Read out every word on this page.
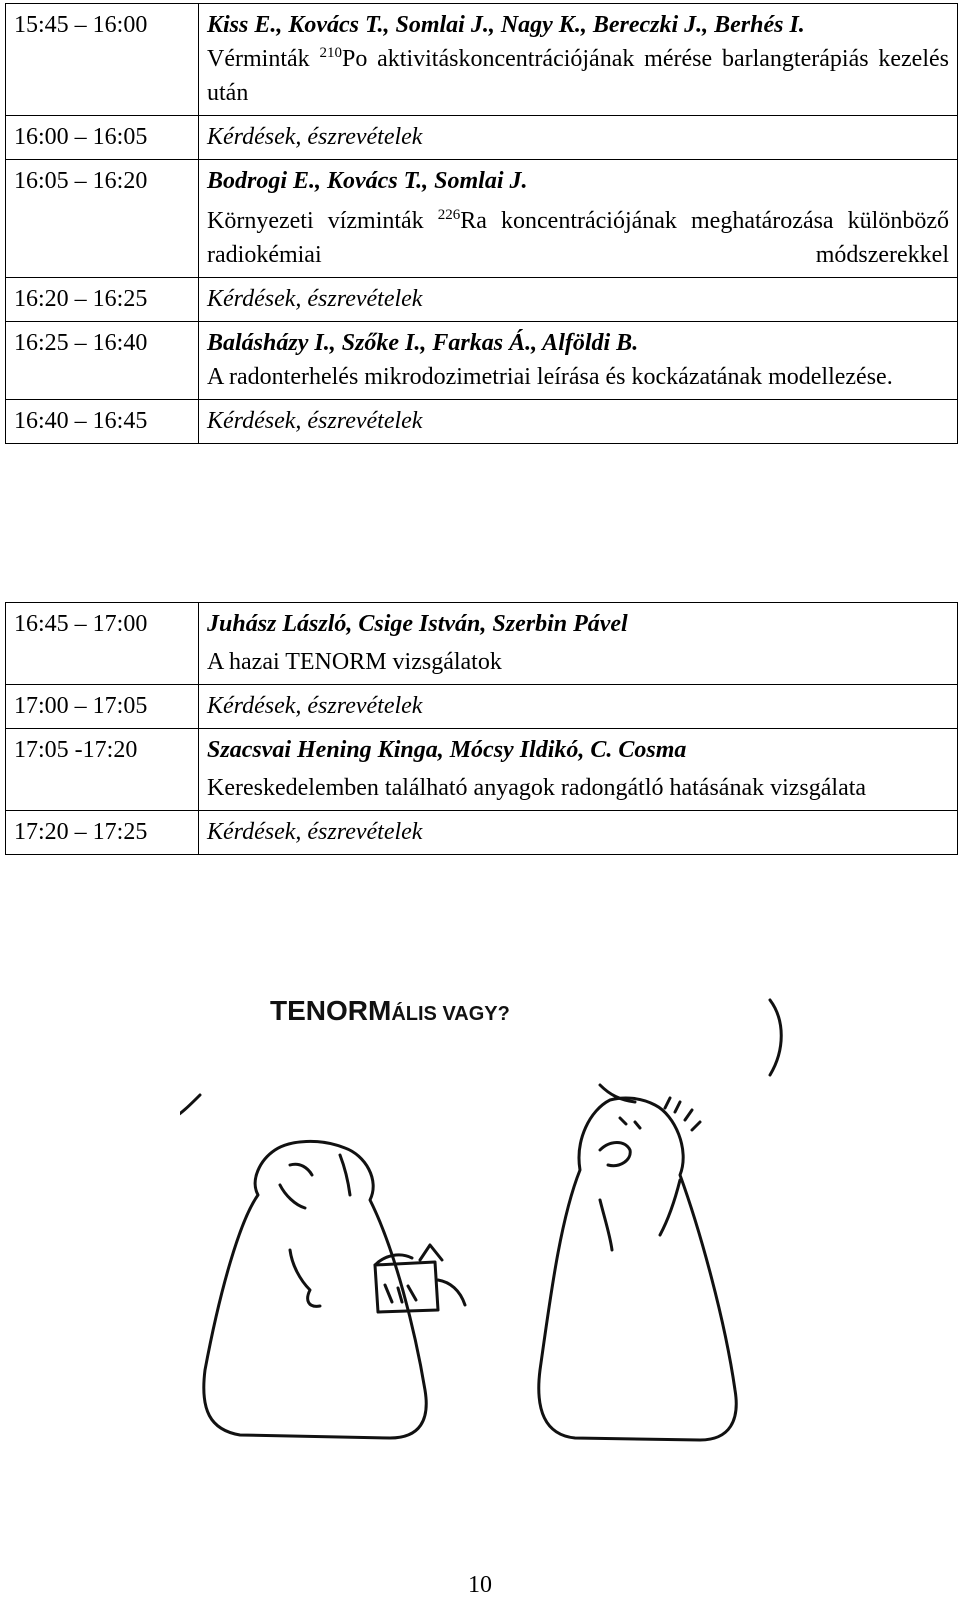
15:45 – 16:00	Kiss E., Kovács T., Somlai J., Nagy K., Bereczki J., Berhés I.
Vérminták $^{210}$Po aktivitáskoncentrációjának mérése barlangterápiás kezelés után

16:00 – 16:05	Kérdések, észrevételek
16:05 – 16:20	Bodrogi E., Kovács T., Somlai J.
Környezeti vízminták $^{226}$Ra koncentrációjának meghatározása különböző radiokémiai módszerekkel

16:20 – 16:25	Kérdések, észrevételek
16:25 – 16:40	Balásházy I., Szőke I., Farkas Á., Alföldi B.
A radonterhelés mikrodozimetriai leírása és kockázatának modellezése.

16:40 – 16:45	Kérdések, észrevételek
16:45 – 17:00	Juhász László, Csige István, Szerbin Pável
A hazai TENORM vizsgálatok

17:00 – 17:05	Kérdések, észrevételek
17:05 -17:20	Szacsvai Hening Kinga, Mócsy Ildikó, C. Cosma
Kereskedelemben található anyagok radongátló hatásának vizsgálata

17:20 – 17:25	Kérdések, észrevételek
TENORMÁLIS VAGY?
10
